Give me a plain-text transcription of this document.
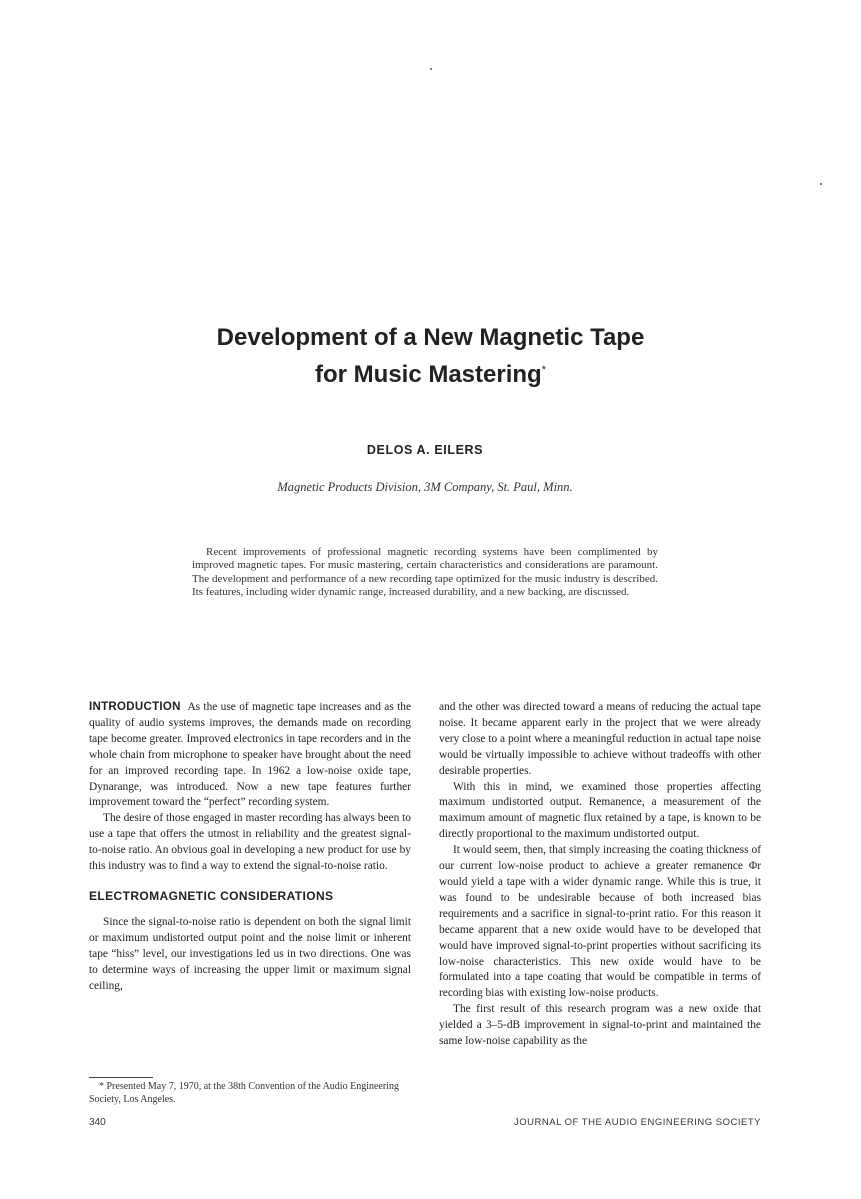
Development of a New Magnetic Tape
for Music Mastering*
DELOS A. EILERS
Magnetic Products Division, 3M Company, St. Paul, Minn.
Recent improvements of professional magnetic recording systems have been complimented by improved magnetic tapes. For music mastering, certain characteristics and considerations are paramount. The development and performance of a new recording tape optimized for the music industry is described. Its features, including wider dynamic range, increased durability, and a new backing, are discussed.

INTRODUCTION As the use of magnetic tape increases and as the quality of audio systems improves, the demands made on recording tape become greater. Improved electronics in tape recorders and in the whole chain from microphone to speaker have brought about the need for an improved recording tape. In 1962 a low-noise oxide tape, Dynarange, was introduced. Now a new tape features further improvement toward the “perfect” recording system.

The desire of those engaged in master recording has always been to use a tape that offers the utmost in reliability and the greatest signal-to-noise ratio. An obvious goal in developing a new product for use by this industry was to find a way to extend the signal-to-noise ratio.

ELECTROMAGNETIC CONSIDERATIONS

Since the signal-to-noise ratio is dependent on both the signal limit or maximum undistorted output point and the noise limit or inherent tape “hiss” level, our investigations led us in two directions. One was to determine ways of increasing the upper limit or maximum signal ceiling,

and the other was directed toward a means of reducing the actual tape noise. It became apparent early in the project that we were already very close to a point where a meaningful reduction in actual tape noise would be virtually impossible to achieve without tradeoffs with other desirable properties.

With this in mind, we examined those properties affecting maximum undistorted output. Remanence, a measurement of the maximum amount of magnetic flux retained by a tape, is known to be directly proportional to the maximum undistorted output.

It would seem, then, that simply increasing the coating thickness of our current low-noise product to achieve a greater remanence Φr would yield a tape with a wider dynamic range. While this is true, it was found to be undesirable because of both increased bias requirements and a sacrifice in signal-to-print ratio. For this reason it became apparent that a new oxide would have to be developed that would have improved signal-to-print properties without sacrificing its low-noise characteristics. This new oxide would have to be formulated into a tape coating that would be compatible in terms of recording bias with existing low-noise products.

The first result of this research program was a new oxide that yielded a 3–5-dB improvement in signal-to-print and maintained the same low-noise capability as the

* Presented May 7, 1970, at the 38th Convention of the Audio Engineering Society, Los Angeles.
340	JOURNAL OF THE AUDIO ENGINEERING SOCIETY
